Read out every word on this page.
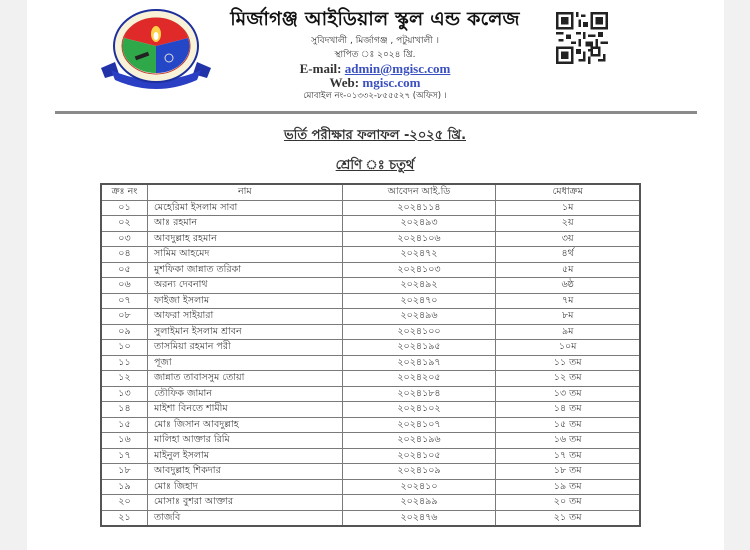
মির্জাগঞ্জ আইডিয়াল স্কুল এন্ড কলেজ
সুবিদখালী , মির্জাগঞ্জ , পটুয়াখালী ।
স্থাপিত ঃ ২০২৪ খ্রি.
E-mail: admin@mgisc.com
Web: mgisc.com
মোবাইল নং-০১৩৩২-৮৫৫৫২৭ (অফিস) ।
ভর্তি পরীক্ষার ফলাফল -২০২৫ খ্রি.
শ্রেণি ঃ চতুর্থ
ক্রঃ নং	নাম	আবেদন আই.ডি	মেধাক্রম
০১	মেহেরিমা ইসলাম সাবা	২০২৪১১৪	১ম
০২	আঃ রহমান	২০২৪৯৩	২য়
০৩	আবদুল্লাহ রহমান	২০২৪১০৬	৩য়
০৪	সামিম আহমেদ	২০২৪৭২	৪র্থ
০৫	মুশফিকা জান্নাত তরিকা	২০২৪১০৩	৫ম
০৬	অরন্য দেবনাথ	২০২৪৯২	৬ষ্ঠ
০৭	ফাইজা ইসলাম	২০২৪৭০	৭ম
০৮	আফরা সাইয়ারা	২০২৪৯৬	৮ম
০৯	সুলাইমান ইসলাম শ্রাবন	২০২৪১০০	৯ম
১০	তাসমিয়া রহমান পরী	২০২৪১৯৫	১০ম
১১	পূজা	২০২৪১৯৭	১১ তম
১২	জান্নাত তাবাসসুম তোয়া	২০২৪২০৫	১২ তম
১৩	তৌফিক জামান	২০২৪১৮৪	১৩ তম
১৪	মাইশা বিনতে শামীম	২০২৪১০২	১৪ তম
১৫	মোঃ জিসান আবদুল্লাহ	২০২৪১০৭	১৫ তম
১৬	মালিহা আক্তার রিমি	২০২৪১৯৬	১৬ তম
১৭	মাইনুল ইসলাম	২০২৪১০৫	১৭ তম
১৮	আবদুল্লাহ শিকদার	২০২৪১০৯	১৮ তম
১৯	মোঃ জিহাদ	২০২৪১০	১৯ তম
২০	মোসাঃ বুশরা আক্তার	২০২৪৯৯	২০ তম
২১	তাজবি	২০২৪৭৬	২১ তম
